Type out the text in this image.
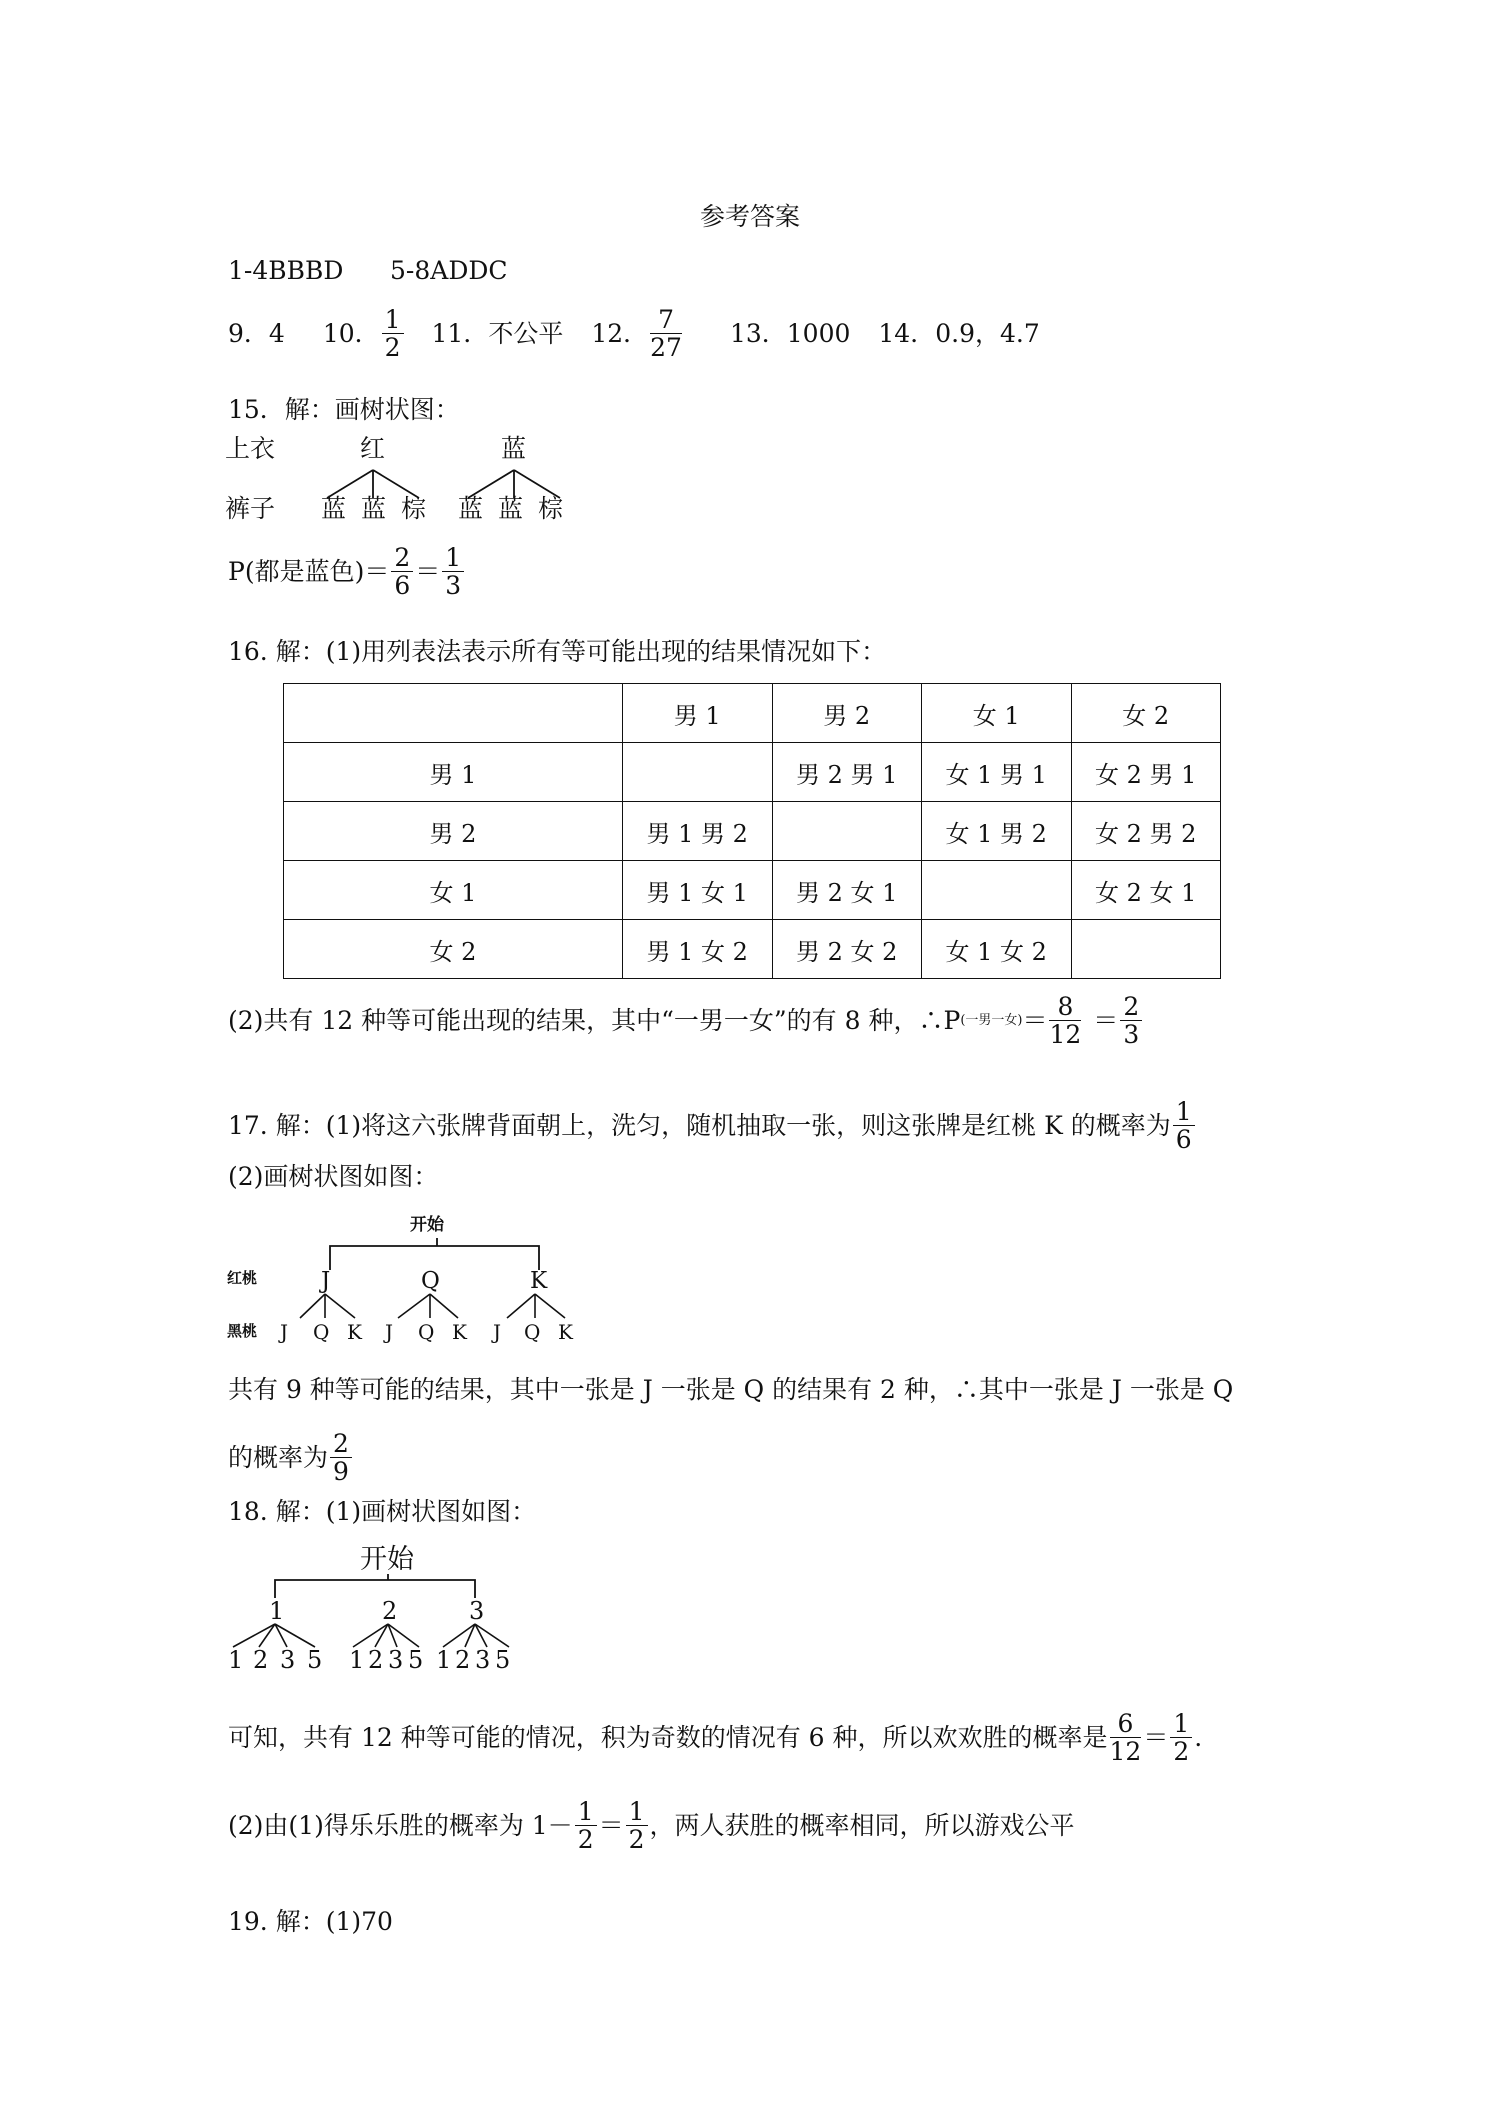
参考答案
1-4BBBD 5-8ADDC
9．4 10． $\frac{1}{2} 11$．不公平 12． $\frac{7}{27} 13$．1000 14．0.9，4.7
15．解：画树状图：
上衣
裤子
红	蓝
蓝 蓝 棕 蓝 蓝 棕
P(都是蓝色)＝ $\frac{2}{6} = \frac{1}{3}$
16. 解：(1)用列表法表示所有等可能出现的结果情况如下：
	男 1	男 2	女 1	女 2
男 1		男 2 男 1	女 1 男 1	女 2 男 1
男 2	男 1 男 2		女 1 男 2	女 2 男 2
女 1	男 1 女 1	男 2 女 1		女 2 女 1
女 2	男 1 女 2	男 2 女 2	女 1 女 2	
(2)共有 12 种等可能出现的结果，其中“一男一女”的有 8 种，∴P (一男一女) ＝ $\frac{8}{12} = \frac{2}{3}$
17. 解：(1)将这六张牌背面朝上，洗匀，随机抽取一张，则这张牌是红桃 K 的概率为 $\frac{1}{6}$
(2)画树状图如图：
开始
红桃
黑桃
J	Q	K
J Q K J Q K J Q K
共有 9 种等可能的结果，其中一张是 J 一张是 Q 的结果有 2 种，∴其中一张是 J 一张是 Q
的概率为 $\frac{2}{9}$
18. 解：(1)画树状图如图：
开始
1	2	3
1 2 3 5 1 2 3 5 1 2 3 5
可知，共有 12 种等可能的情况，积为奇数的情况有 6 种，所以欢欢胜的概率是 $\frac{6}{12} = \frac{1}{2}$ .
(2)由(1)得乐乐胜的概率为 $1- \frac{1}{2} = \frac{1}{2}$ ，两人获胜的概率相同，所以游戏公平
19. 解：(1)70
